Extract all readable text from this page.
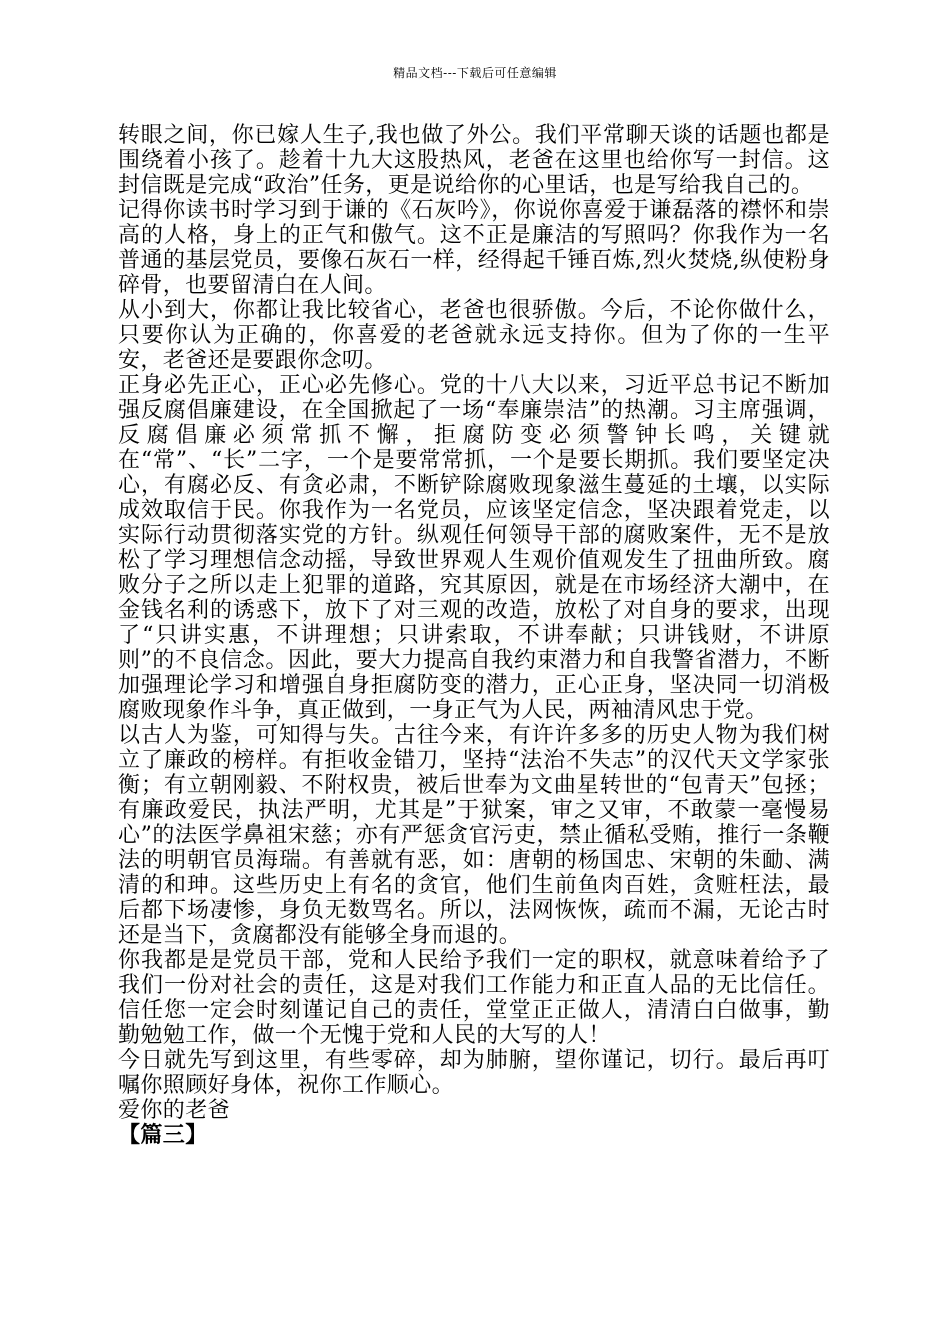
精品文档---下载后可任意编辑

转眼之间，你已嫁人生子,我也做了外公。我们平常聊天谈的话题也都是围绕着小孩了。趁着十九大这股热风，老爸在这里也给你写一封信。这封信既是完成“政治”任务，更是说给你的心里话，也是写给我自己的。

记得你读书时学习到于谦的《石灰吟》，你说你喜爱于谦磊落的襟怀和崇高的人格，身上的正气和傲气。这不正是廉洁的写照吗？你我作为一名普通的基层党员，要像石灰石一样，经得起千锤百炼,烈火焚烧,纵使粉身碎骨，也要留清白在人间。

从小到大，你都让我比较省心，老爸也很骄傲。今后，不论你做什么，只要你认为正确的，你喜爱的老爸就永远支持你。但为了你的一生平安，老爸还是要跟你念叨。

正身必先正心，正心必先修心。党的十八大以来，习近平总书记不断加强反腐倡廉建设，在全国掀起了一场“奉廉崇洁”的热潮。习主席强调，反腐倡廉必须常抓不懈，拒腐防变必须警钟长鸣，关键就在“常”、“长”二字，一个是要常常抓，一个是要长期抓。我们要坚定决心，有腐必反、有贪必肃，不断铲除腐败现象滋生蔓延的土壤，以实际成效取信于民。你我作为一名党员，应该坚定信念，坚决跟着党走，以实际行动贯彻落实党的方针。纵观任何领导干部的腐败案件，无不是放松了学习理想信念动摇，导致世界观人生观价值观发生了扭曲所致。腐败分子之所以走上犯罪的道路，究其原因，就是在市场经济大潮中，在金钱名利的诱惑下，放下了对三观的改造，放松了对自身的要求，出现了“只讲实惠，不讲理想；只讲索取，不讲奉献；只讲钱财，不讲原则”的不良信念。因此，要大力提高自我约束潜力和自我警省潜力，不断加强理论学习和增强自身拒腐防变的潜力，正心正身，坚决同一切消极腐败现象作斗争，真正做到，一身正气为人民，两袖清风忠于党。

以古人为鉴，可知得与失。古往今来，有许许多多的历史人物为我们树立了廉政的榜样。有拒收金错刀，坚持“法治不失志”的汉代天文学家张衡；有立朝刚毅、不附权贵，被后世奉为文曲星转世的“包青天”包拯；有廉政爱民，执法严明，尤其是”于狱案，审之又审，不敢蒙一毫慢易心”的法医学鼻祖宋慈；亦有严惩贪官污吏，禁止循私受贿，推行一条鞭法的明朝官员海瑞。有善就有恶，如：唐朝的杨国忠、宋朝的朱勔、满清的和珅。这些历史上有名的贪官，他们生前鱼肉百姓，贪赃枉法，最后都下场凄惨，身负无数骂名。所以，法网恢恢，疏而不漏，无论古时还是当下，贪腐都没有能够全身而退的。

你我都是是党员干部，党和人民给予我们一定的职权，就意味着给予了我们一份对社会的责任，这是对我们工作能力和正直人品的无比信任。信任您一定会时刻谨记自己的责任，堂堂正正做人，清清白白做事，勤勤勉勉工作，做一个无愧于党和人民的大写的人！

今日就先写到这里，有些零碎，却为肺腑，望你谨记，切行。最后再叮嘱你照顾好身体，祝你工作顺心。

爱你的老爸

【篇三】
